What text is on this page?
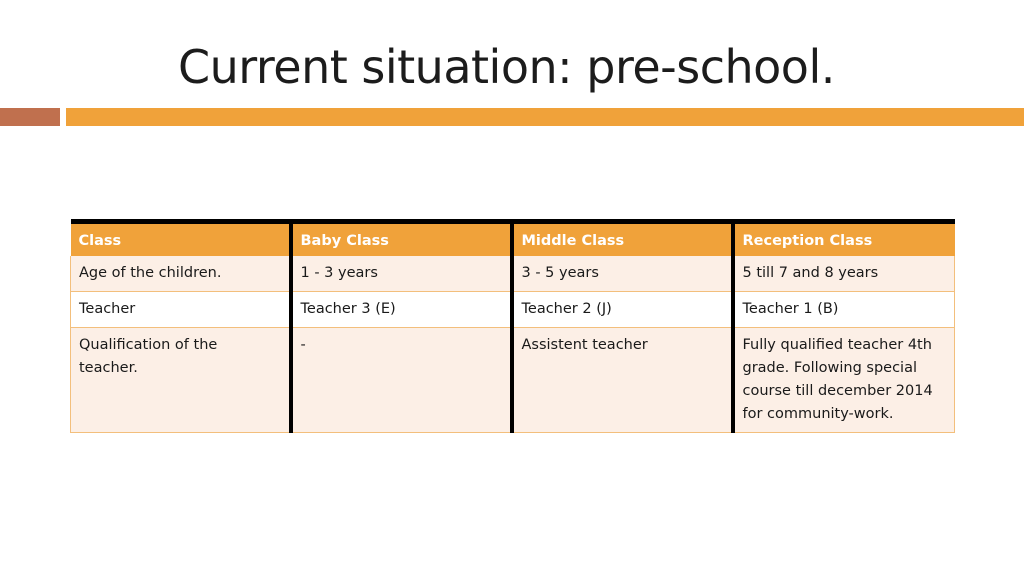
Current situation: pre-school.
Class	Baby Class	Middle Class	Reception Class
Age of the children.	1 - 3 years	3 - 5 years	5 till 7 and 8 years
Teacher	Teacher 3 (E)	Teacher 2 (J)	Teacher 1 (B)
Qualification of the teacher.	-	Assistent teacher	Fully qualified teacher 4th grade. Following special course till december 2014 for community-work.
